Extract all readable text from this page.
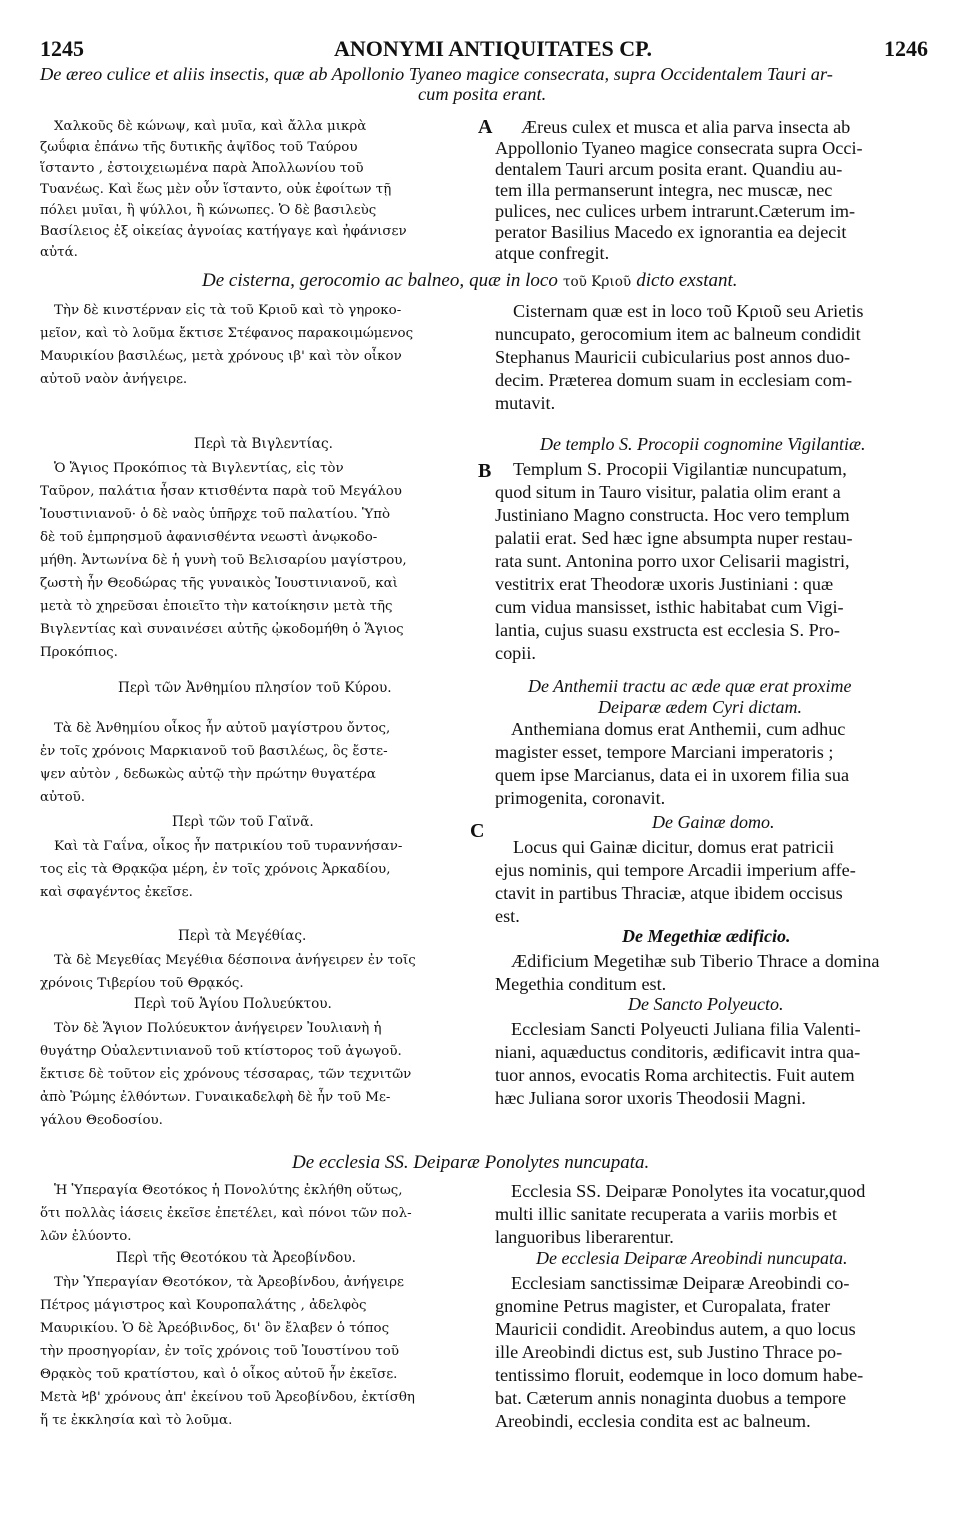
1245	ANONYMI ANTIQUITATES CP.	1246
De æreo culice et aliis insectis, quæ ab Apollonio Tyaneo magice consecrata, supra Occidentalem Tauri ar-
cum posita erant.
Χαλκοῦς δὲ κώνωψ, καὶ μυῖα, καὶ ἄλλα μικρὰ
ζωΰφια ἐπάνω τῆς δυτικῆς ἀψῖδος τοῦ Ταύρου
ἵσταντο , ἐστοιχειωμένα παρὰ Ἀπολλωνίου τοῦ
Τυανέως. Καὶ ἕως μὲν οὖν ἵσταντο, οὐκ ἐφοίτων τῇ
πόλει μυῖαι, ἢ ψύλλοι, ἢ κώνωπες. Ὁ δὲ βασιλεὺς
Βασίλειος ἐξ οἰκείας ἀγνοίας κατήγαγε καὶ ἠφάνισεν
αὐτά.
A Æreus culex et musca et alia parva insecta ab
Appollonio Tyaneo magice consecrata supra Occi-
dentalem Tauri arcum posita erant. Quandiu au-
tem illa permanserunt integra, nec muscæ, nec
pulices, nec culices urbem intrarunt.Cæterum im-
perator Basilius Macedo ex ignorantia ea dejecit
atque confregit.
De cisterna, gerocomio ac balneo, quæ in loco τοῦ Κριοῦ dicto exstant.
Τὴν δὲ κινστέρναν εἰς τὰ τοῦ Κριοῦ καὶ τὸ γηροκο-
μεῖον, καὶ τὸ λοῦμα ἔκτισε Στέφανος παρακοιμώμενος
Μαυρικίου βασιλέως, μετὰ χρόνους ιβ' καὶ τὸν οἶκον
αὐτοῦ ναὸν ἀνήγειρε.
Cisternam quæ est in loco τοῦ Κριοῦ seu Arietis
nuncupato, gerocomium item ac balneum condidit
Stephanus Mauricii cubicularius post annos duo-
decim. Præterea domum suam in ecclesiam com-
mutavit.
Περὶ τὰ Βιγλεντίας.	De templo S. Procopii cognomine Vigilantiæ.
Ὁ Ἅγιος Προκόπιος τὰ Βιγλεντίας, εἰς τὸν
Ταῦρον, παλάτια ἦσαν κτισθέντα παρὰ τοῦ Μεγάλου
Ἰουστινιανοῦ· ὁ δὲ ναὸς ὑπῆρχε τοῦ παλατίου. Ὑπὸ
δὲ τοῦ ἐμπρησμοῦ ἀφανισθέντα νεωστὶ ἀνῳκοδο-
μήθη. Ἀντωνίνα δὲ ἡ γυνὴ τοῦ Βελισαρίου μαγίστρου,
ζωστὴ ἦν Θεοδώρας τῆς γυναικὸς Ἰουστινιανοῦ, καὶ
μετὰ τὸ χηρεῦσαι ἐποιεῖτο τὴν κατοίκησιν μετὰ τῆς
Βιγλεντίας καὶ συναινέσει αὐτῆς ᾠκοδομήθη ὁ Ἅγιος
Προκόπιος.
B Templum S. Procopii Vigilantiæ nuncupatum,
quod situm in Tauro visitur, palatia olim erant a
Justiniano Magno constructa. Hoc vero templum
palatii erat. Sed hæc igne absumpta nuper restau-
rata sunt. Antonina porro uxor Celisarii magistri,
vestitrix erat Theodoræ uxoris Justiniani : quæ
cum vidua mansisset, isthic habitabat cum Vigi-
lantia, cujus suasu exstructa est ecclesia S. Pro-
copii.
Περὶ τῶν Ἀνθημίου πλησίον τοῦ Κύρου.	De Anthemii tractu ac æde quæ erat proxime
Deiparæ ædem Cyri dictam.
Τὰ δὲ Ἀνθημίου οἶκος ἦν αὐτοῦ μαγίστρου ὄντος,
ἐν τοῖς χρόνοις Μαρκιανοῦ τοῦ βασιλέως, ὃς ἔστε-
ψεν αὐτὸν , δεδωκὼς αὐτῷ τὴν πρώτην θυγατέρα
αὐτοῦ.
Anthemiana domus erat Anthemii, cum adhuc
magister esset, tempore Marciani imperatoris ;
quem ipse Marcianus, data ei in uxorem filia sua
primogenita, coronavit.
Περὶ τῶν τοῦ Γαϊνᾶ.	De Gainæ domo.
Καὶ τὰ Γαΐνα, οἶκος ἦν πατρικίου τοῦ τυραννήσαν-
τος εἰς τὰ Θρᾳκῷα μέρη, ἐν τοῖς χρόνοις Ἀρκαδίου,
καὶ σφαγέντος ἐκεῖσε.
C
Locus qui Gainæ dicitur, domus erat patricii
ejus nominis, qui tempore Arcadii imperium affe-
ctavit in partibus Thraciæ, atque ibidem occisus
est.
Περὶ τὰ Μεγέθίας.	De Megethiæ ædificio.
Τὰ δὲ Μεγεθίας Μεγέθια δέσποινα ἀνήγειρεν ἐν τοῖς
χρόνοις Τιβερίου τοῦ Θρᾳκός.
Ædificium Megetihæ sub Tiberio Thrace a domina
Megethia conditum est.
Περὶ τοῦ Ἁγίου Πολυεύκτου.	De Sancto Polyeucto.
Τὸν δὲ Ἅγιον Πολύευκτον ἀνήγειρεν Ἰουλιανὴ ἡ
θυγάτηρ Οὐαλεντινιανοῦ τοῦ κτίστορος τοῦ ἀγωγοῦ.
ἔκτισε δὲ τοῦτον εἰς χρόνους τέσσαρας, τῶν τεχνιτῶν
ἀπὸ Ῥώμης ἐλθόντων. Γυναικαδελφὴ δὲ ἦν τοῦ Με-
γάλου Θεοδοσίου.
Ecclesiam Sancti Polyeucti Juliana filia Valenti-
niani, aquæductus conditoris, ædificavit intra qua-
tuor annos, evocatis Roma architectis. Fuit autem
hæc Juliana soror uxoris Theodosii Magni.
De ecclesia SS. Deiparæ Ponolytes nuncupata.
Ἡ Ὑπεραγία Θεοτόκος ἡ Πονολύτης ἐκλήθη οὕτως,
ὅτι πολλὰς ἰάσεις ἐκεῖσε ἐπετέλει, καὶ πόνοι τῶν πολ-
λῶν ἐλύοντο.
Ecclesia SS. Deiparæ Ponolytes ita vocatur,quod
multi illic sanitate recuperata a variis morbis et
languoribus liberarentur.
Περὶ τῆς Θεοτόκου τὰ Ἀρεοβίνδου.	De ecclesia Deiparæ Areobindi nuncupata.
Τὴν Ὑπεραγίαν Θεοτόκον, τὰ Ἀρεοβίνδου, ἀνήγειρε
Πέτρος μάγιστρος καὶ Κουροπαλάτης , ἀδελφὸς
Μαυρικίου. Ὁ δὲ Ἀρεόβινδος, δι' ὃν ἔλαβεν ὁ τόπος
τὴν προσηγορίαν, ἐν τοῖς χρόνοις τοῦ Ἰουστίνου τοῦ
Θρᾳκὸς τοῦ κρατίστου, καὶ ὁ οἶκος αὐτοῦ ἦν ἐκεῖσε.
Μετὰ Ϟβ' χρόνους ἀπ' ἐκείνου τοῦ Ἀρεοβίνδου, ἐκτίσθη
ἥ τε ἐκκλησία καὶ τὸ λοῦμα.
Ecclesiam sanctissimæ Deiparæ Areobindi co-
gnomine Petrus magister, et Curopalata, frater
Mauricii condidit. Areobindus autem, a quo locus
ille Areobindi dictus est, sub Justino Thrace po-
tentissimo floruit, eodemque in loco domum habe-
bat. Cæterum annis nonaginta duobus a tempore
Areobindi, ecclesia condita est ac balneum.
